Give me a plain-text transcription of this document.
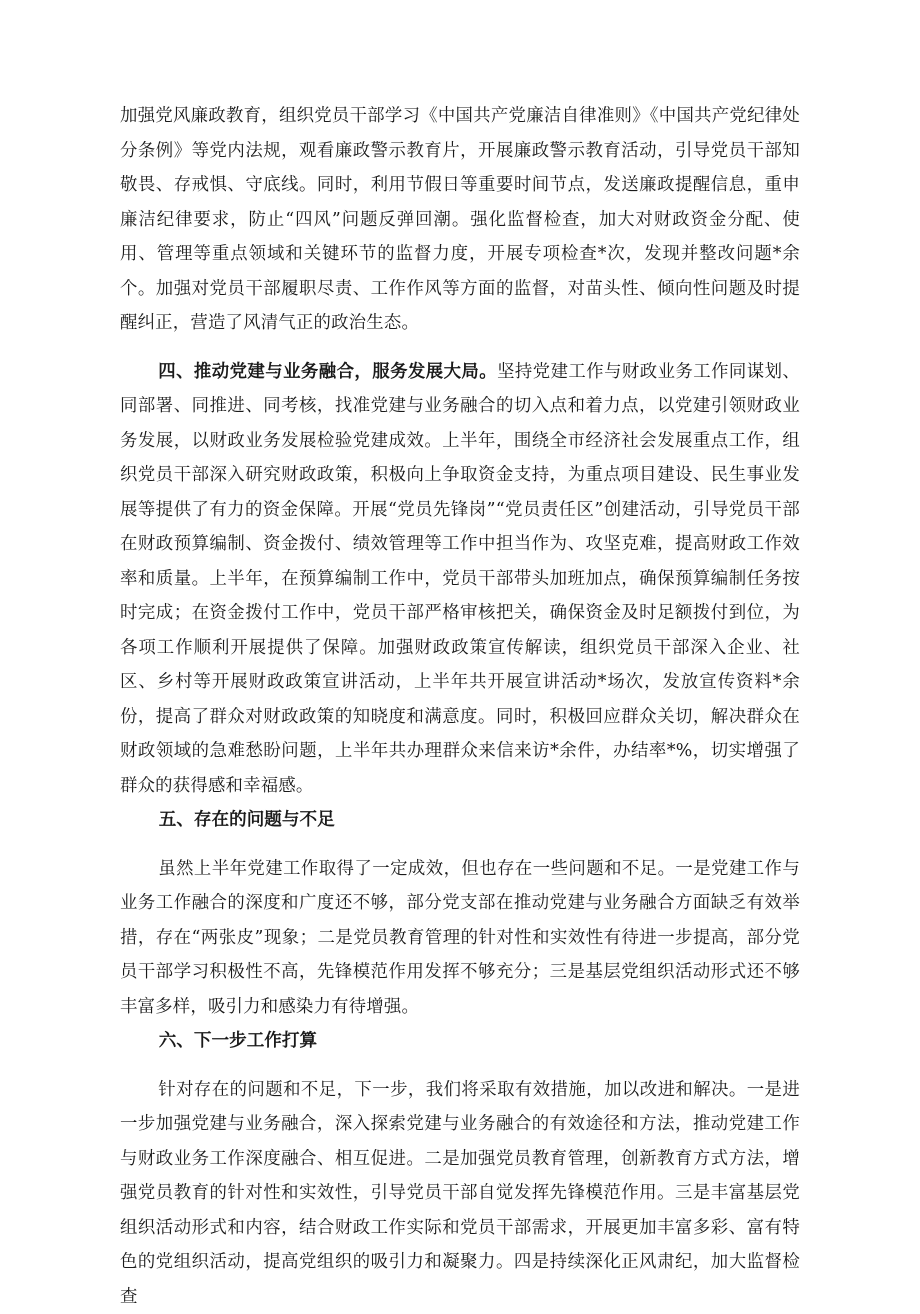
加强党风廉政教育，组织党员干部学习《中国共产党廉洁自律准则》《中国共产党纪律处分条例》等党内法规，观看廉政警示教育片，开展廉政警示教育活动，引导党员干部知敬畏、存戒惧、守底线。同时，利用节假日等重要时间节点，发送廉政提醒信息，重申廉洁纪律要求，防止“四风”问题反弹回潮。强化监督检查，加大对财政资金分配、使用、管理等重点领域和关键环节的监督力度，开展专项检查*次，发现并整改问题*余个。加强对党员干部履职尽责、工作作风等方面的监督，对苗头性、倾向性问题及时提醒纠正，营造了风清气正的政治生态。

四、推动党建与业务融合，服务发展大局。坚持党建工作与财政业务工作同谋划、同部署、同推进、同考核，找准党建与业务融合的切入点和着力点，以党建引领财政业务发展，以财政业务发展检验党建成效。上半年，围绕全市经济社会发展重点工作，组织党员干部深入研究财政政策，积极向上争取资金支持，为重点项目建设、民生事业发展等提供了有力的资金保障。开展“党员先锋岗”“党员责任区”创建活动，引导党员干部在财政预算编制、资金拨付、绩效管理等工作中担当作为、攻坚克难，提高财政工作效率和质量。上半年，在预算编制工作中，党员干部带头加班加点，确保预算编制任务按时完成；在资金拨付工作中，党员干部严格审核把关，确保资金及时足额拨付到位，为各项工作顺利开展提供了保障。加强财政政策宣传解读，组织党员干部深入企业、社区、乡村等开展财政政策宣讲活动，上半年共开展宣讲活动*场次，发放宣传资料*余份，提高了群众对财政政策的知晓度和满意度。同时，积极回应群众关切，解决群众在财政领域的急难愁盼问题，上半年共办理群众来信来访*余件，办结率*%，切实增强了群众的获得感和幸福感。

五、存在的问题与不足

虽然上半年党建工作取得了一定成效，但也存在一些问题和不足。一是党建工作与业务工作融合的深度和广度还不够，部分党支部在推动党建与业务融合方面缺乏有效举措，存在“两张皮”现象；二是党员教育管理的针对性和实效性有待进一步提高，部分党员干部学习积极性不高，先锋模范作用发挥不够充分；三是基层党组织活动形式还不够丰富多样，吸引力和感染力有待增强。

六、下一步工作打算

针对存在的问题和不足，下一步，我们将采取有效措施，加以改进和解决。一是进一步加强党建与业务融合，深入探索党建与业务融合的有效途径和方法，推动党建工作与财政业务工作深度融合、相互促进。二是加强党员教育管理，创新教育方式方法，增强党员教育的针对性和实效性，引导党员干部自觉发挥先锋模范作用。三是丰富基层党组织活动形式和内容，结合财政工作实际和党员干部需求，开展更加丰富多彩、富有特色的党组织活动，提高党组织的吸引力和凝聚力。四是持续深化正风肃纪，加大监督检查
